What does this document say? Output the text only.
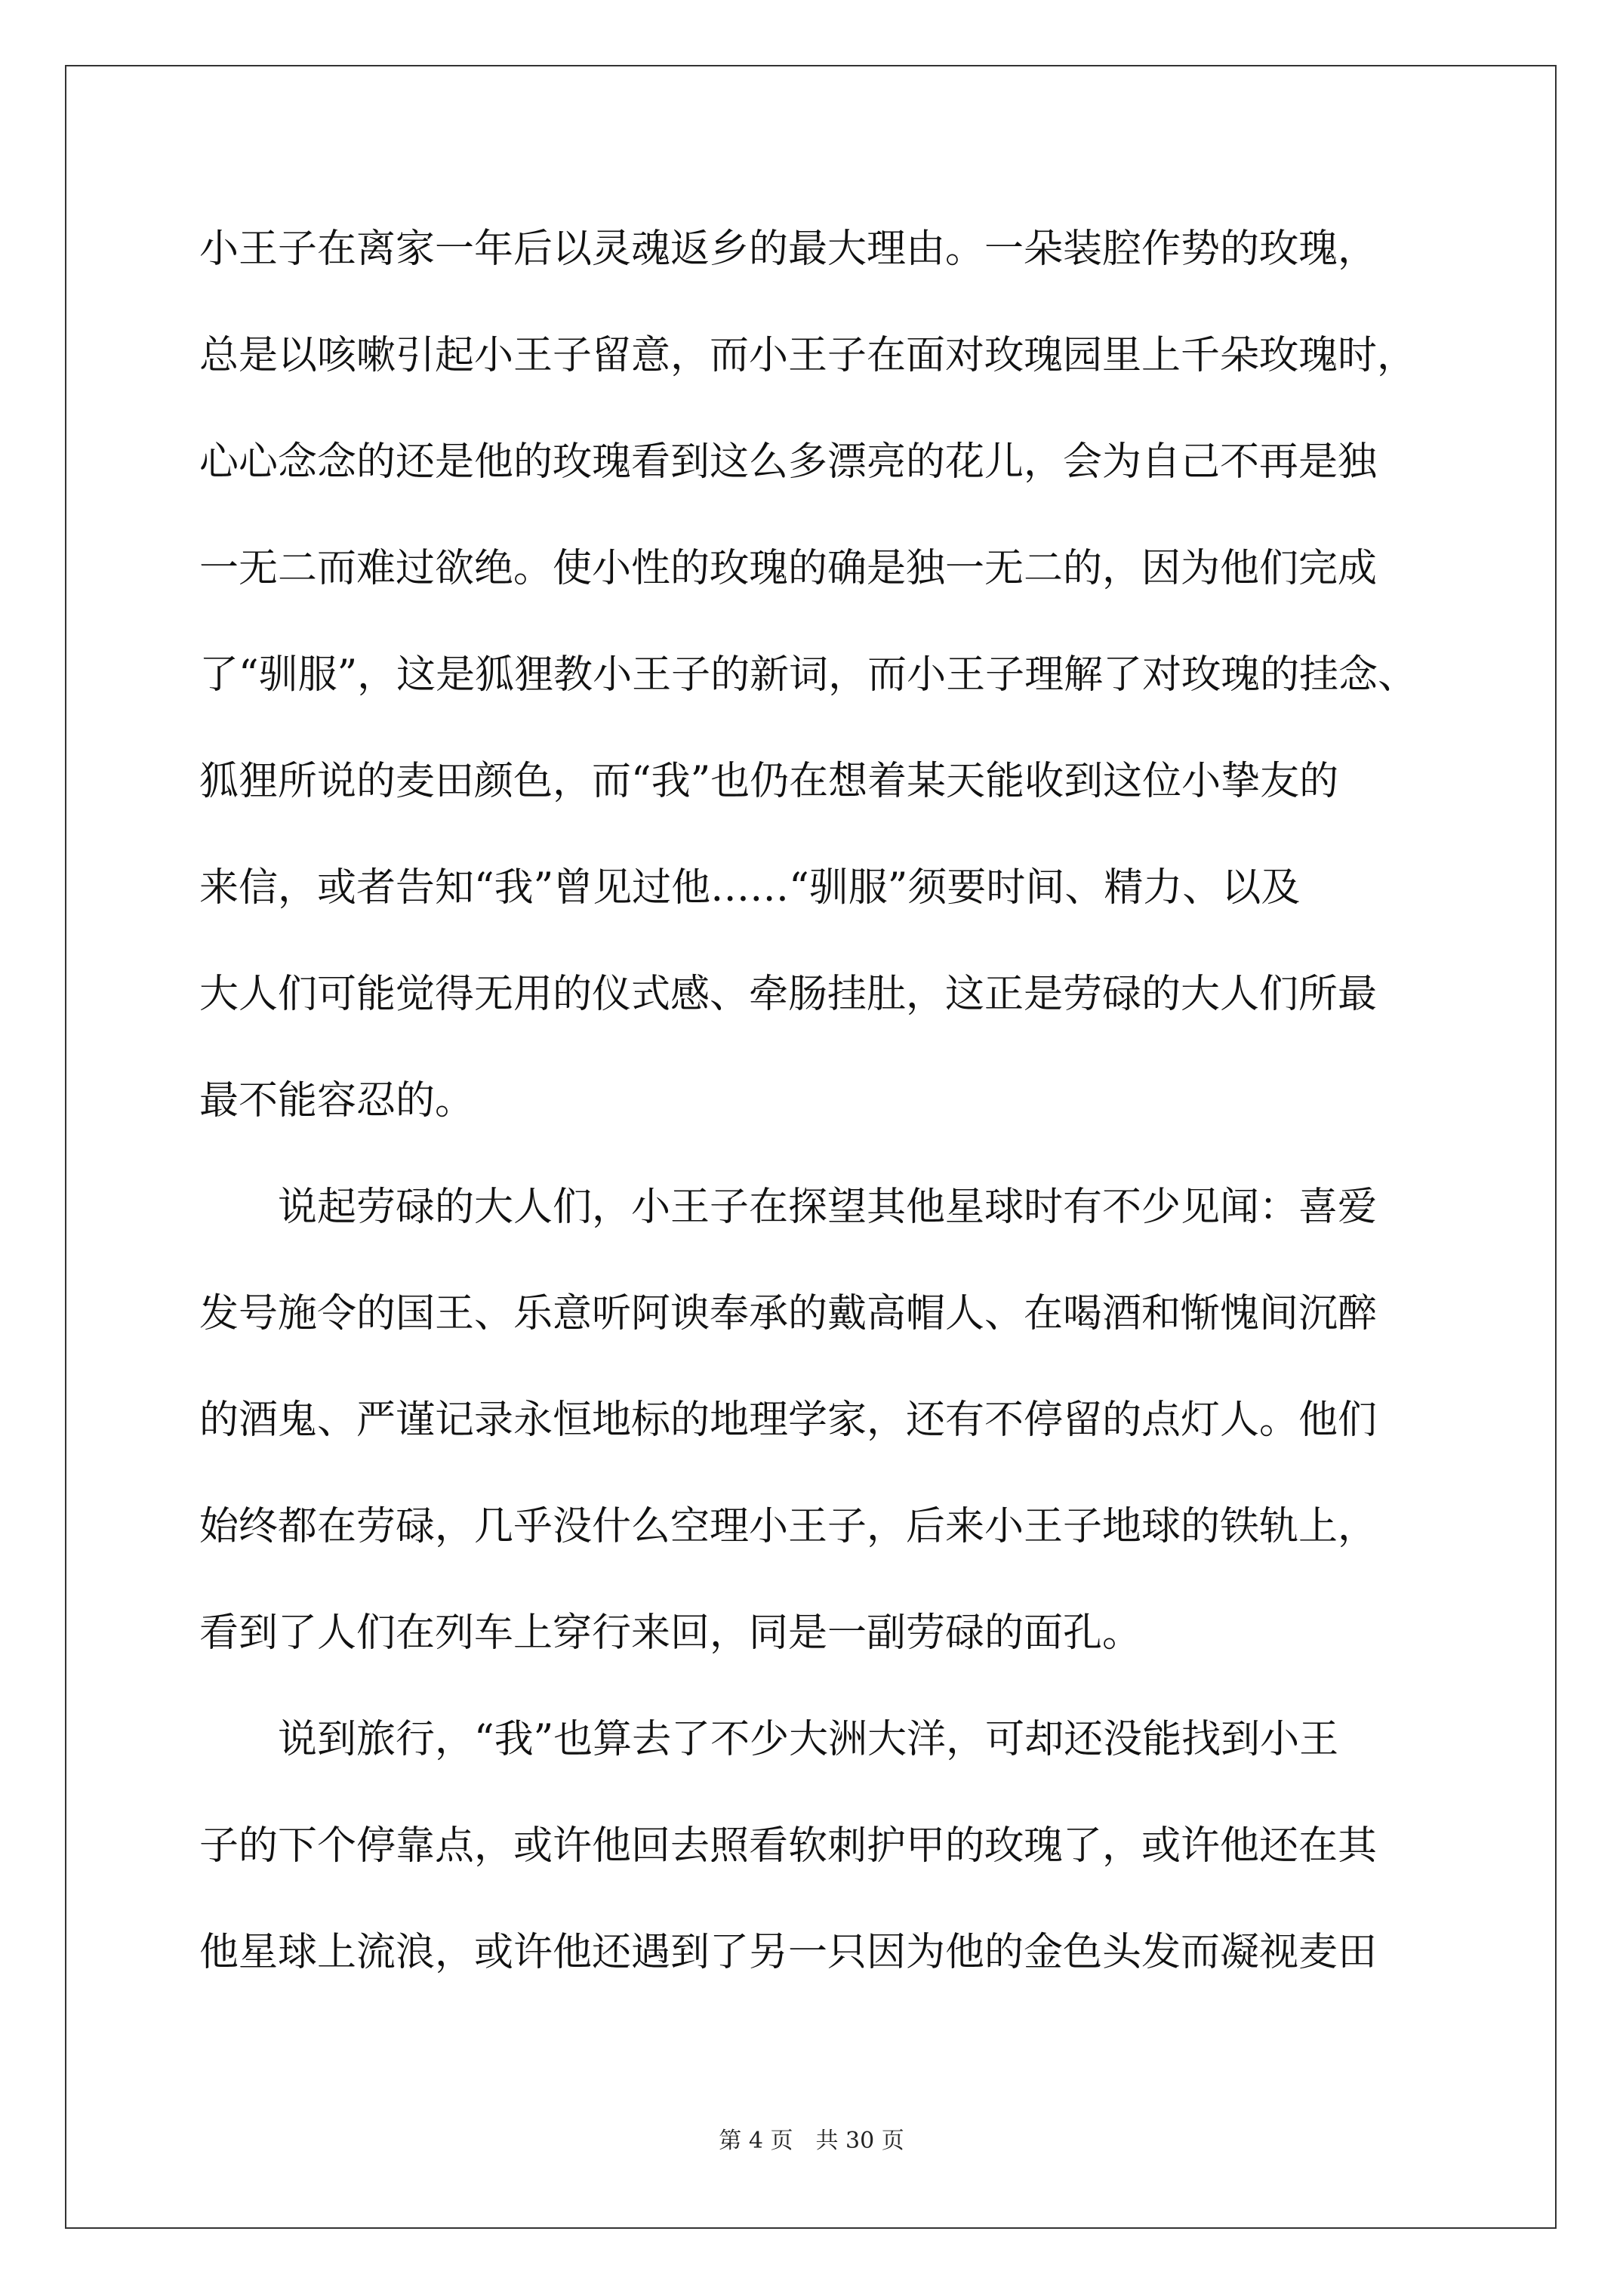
小王子在离家一年后以灵魂返乡的最大理由。一朵装腔作势的玫瑰，
总是以咳嗽引起小王子留意，而小王子在面对玫瑰园里上千朵玫瑰时，
心心念念的还是他的玫瑰看到这么多漂亮的花儿，会为自己不再是独
一无二而难过欲绝。使小性的玫瑰的确是独一无二的，因为他们完成
了“驯服”，这是狐狸教小王子的新词，而小王子理解了对玫瑰的挂念、
狐狸所说的麦田颜色，而“我”也仍在想着某天能收到这位小挚友的
来信，或者告知“我”曾见过他……“驯服”须要时间、精力、以及
大人们可能觉得无用的仪式感、牵肠挂肚，这正是劳碌的大人们所最
最不能容忍的。
说起劳碌的大人们，小王子在探望其他星球时有不少见闻：喜爱
发号施令的国王、乐意听阿谀奉承的戴高帽人、在喝酒和惭愧间沉醉
的酒鬼、严谨记录永恒地标的地理学家，还有不停留的点灯人。他们
始终都在劳碌，几乎没什么空理小王子，后来小王子地球的铁轨上，
看到了人们在列车上穿行来回，同是一副劳碌的面孔。
说到旅行，“我”也算去了不少大洲大洋，可却还没能找到小王
子的下个停靠点，或许他回去照看软刺护甲的玫瑰了，或许他还在其
他星球上流浪，或许他还遇到了另一只因为他的金色头发而凝视麦田
第 4 页　共 30 页
